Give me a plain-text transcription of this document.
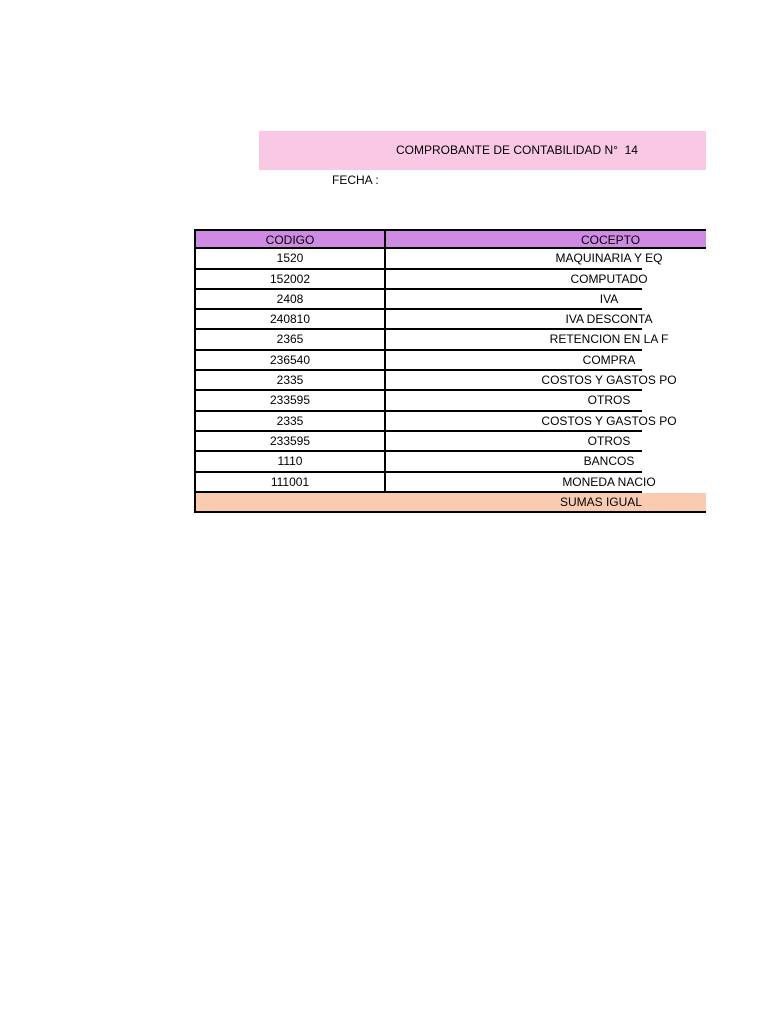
COMPROBANTE DE CONTABILIDAD N°  14
FECHA :
CODIGO	COCEPTO
1520	MAQUINARIA Y EQ
152002	COMPUTADO
2408	IVA
240810	IVA DESCONTA
2365	RETENCION EN LA F
236540	COMPRA
2335	COSTOS Y GASTOS PO
233595	OTROS
2335	COSTOS Y GASTOS PO
233595	OTROS
1110	BANCOS
111001	MONEDA NACIO
SUMAS IGUAL
